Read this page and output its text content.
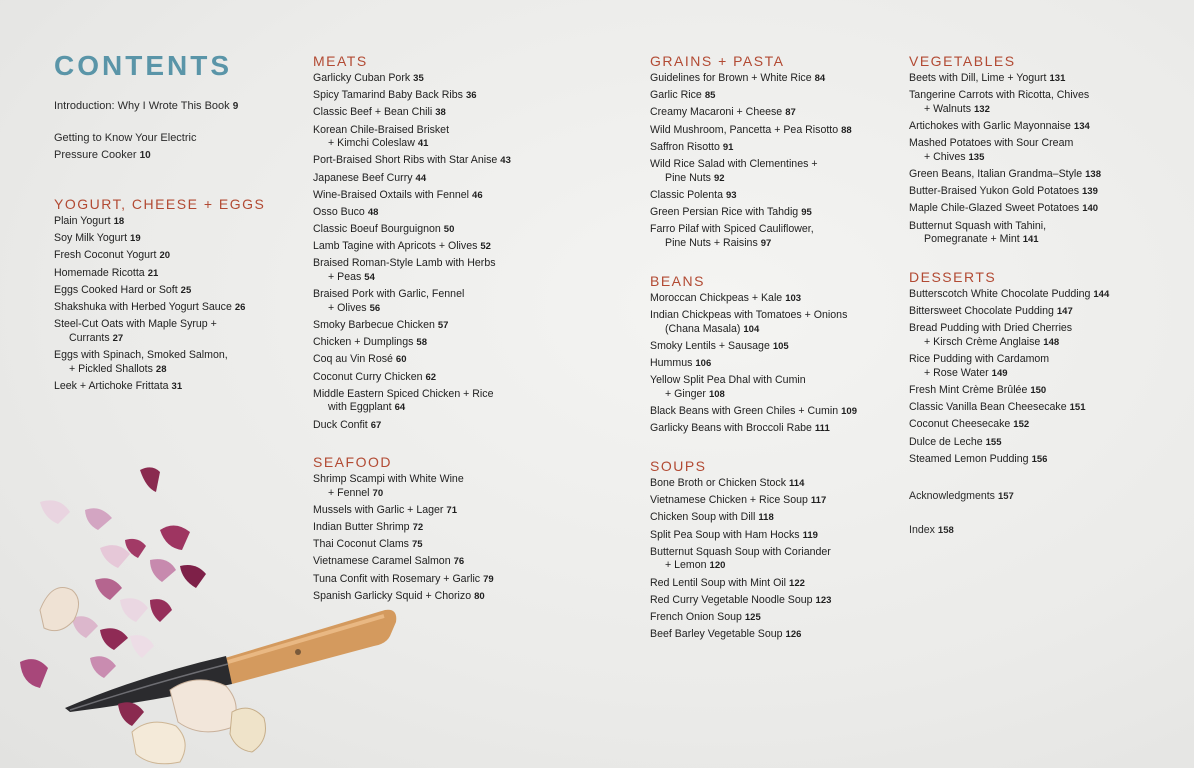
CONTENTS
Introduction: Why I Wrote This Book 9
Getting to Know Your Electric
Pressure Cooker 10
YOGURT, CHEESE + EGGS
Plain Yogurt 18
Soy Milk Yogurt 19
Fresh Coconut Yogurt 20
Homemade Ricotta 21
Eggs Cooked Hard or Soft 25
Shakshuka with Herbed Yogurt Sauce 26
Steel-Cut Oats with Maple Syrup +
Currants 27
Eggs with Spinach, Smoked Salmon,
+ Pickled Shallots 28
Leek + Artichoke Frittata 31
MEATS
Garlicky Cuban Pork 35
Spicy Tamarind Baby Back Ribs 36
Classic Beef + Bean Chili 38
Korean Chile-Braised Brisket
+ Kimchi Coleslaw 41
Port-Braised Short Ribs with Star Anise 43
Japanese Beef Curry 44
Wine-Braised Oxtails with Fennel 46
Osso Buco 48
Classic Boeuf Bourguignon 50
Lamb Tagine with Apricots + Olives 52
Braised Roman-Style Lamb with Herbs
+ Peas 54
Braised Pork with Garlic, Fennel
+ Olives 56
Smoky Barbecue Chicken 57
Chicken + Dumplings 58
Coq au Vin Rosé 60
Coconut Curry Chicken 62
Middle Eastern Spiced Chicken + Rice
with Eggplant 64
Duck Confit 67
SEAFOOD
Shrimp Scampi with White Wine
+ Fennel 70
Mussels with Garlic + Lager 71
Indian Butter Shrimp 72
Thai Coconut Clams 75
Vietnamese Caramel Salmon 76
Tuna Confit with Rosemary + Garlic 79
Spanish Garlicky Squid + Chorizo 80
GRAINS + PASTA
Guidelines for Brown + White Rice 84
Garlic Rice 85
Creamy Macaroni + Cheese 87
Wild Mushroom, Pancetta + Pea Risotto 88
Saffron Risotto 91
Wild Rice Salad with Clementines +
Pine Nuts 92
Classic Polenta 93
Green Persian Rice with Tahdig 95
Farro Pilaf with Spiced Cauliflower,
Pine Nuts + Raisins 97
BEANS
Moroccan Chickpeas + Kale 103
Indian Chickpeas with Tomatoes + Onions
(Chana Masala) 104
Smoky Lentils + Sausage 105
Hummus 106
Yellow Split Pea Dhal with Cumin
+ Ginger 108
Black Beans with Green Chiles + Cumin 109
Garlicky Beans with Broccoli Rabe 111
SOUPS
Bone Broth or Chicken Stock 114
Vietnamese Chicken + Rice Soup 117
Chicken Soup with Dill 118
Split Pea Soup with Ham Hocks 119
Butternut Squash Soup with Coriander
+ Lemon 120
Red Lentil Soup with Mint Oil 122
Red Curry Vegetable Noodle Soup 123
French Onion Soup 125
Beef Barley Vegetable Soup 126
VEGETABLES
Beets with Dill, Lime + Yogurt 131
Tangerine Carrots with Ricotta, Chives
+ Walnuts 132
Artichokes with Garlic Mayonnaise 134
Mashed Potatoes with Sour Cream
+ Chives 135
Green Beans, Italian Grandma–Style 138
Butter-Braised Yukon Gold Potatoes 139
Maple Chile-Glazed Sweet Potatoes 140
Butternut Squash with Tahini,
Pomegranate + Mint 141
DESSERTS
Butterscotch White Chocolate Pudding 144
Bittersweet Chocolate Pudding 147
Bread Pudding with Dried Cherries
+ Kirsch Crème Anglaise 148
Rice Pudding with Cardamom
+ Rose Water 149
Fresh Mint Crème Brûlée 150
Classic Vanilla Bean Cheesecake 151
Coconut Cheesecake 152
Dulce de Leche 155
Steamed Lemon Pudding 156
Acknowledgments 157
Index 158
